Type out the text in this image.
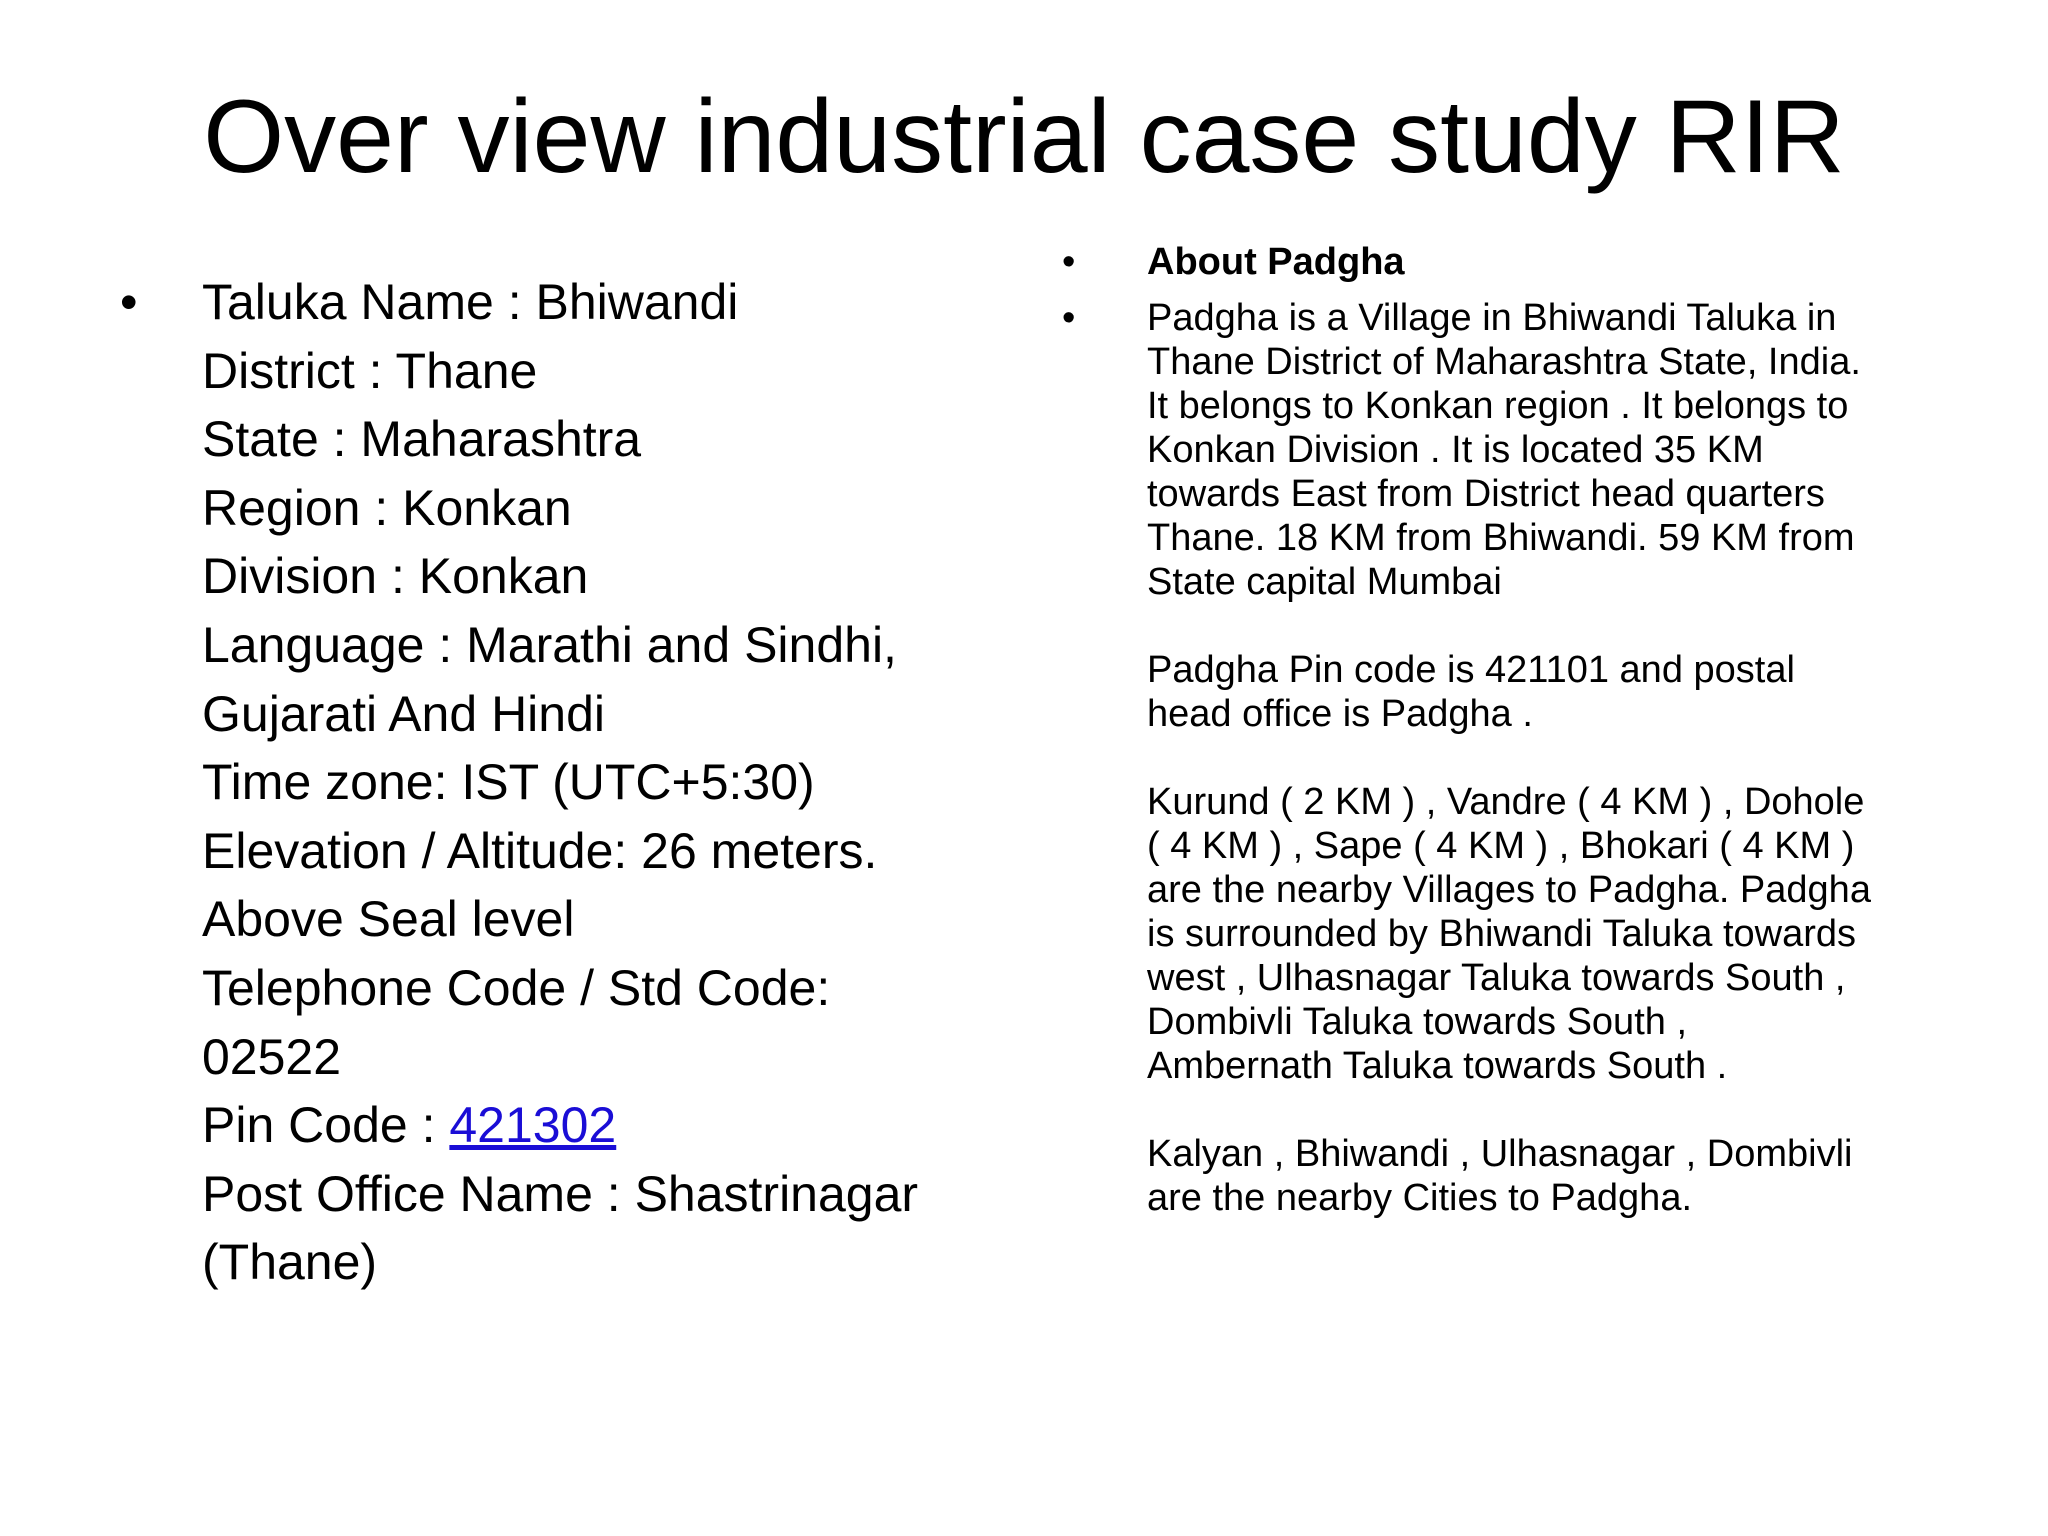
Over view industrial case study RIR
• Taluka Name : Bhiwandi
District : Thane
State : Maharashtra
Region : Konkan
Division : Konkan
Language : Marathi and Sindhi,
Gujarati And Hindi
Time zone: IST (UTC+5:30)
Elevation / Altitude: 26 meters.
Above Seal level
Telephone Code / Std Code:
02522
Pin Code : 421302
Post Office Name : Shastrinagar
(Thane)
• About Padgha
• Padgha is a Village in Bhiwandi Taluka in
Thane District of Maharashtra State, India.
It belongs to Konkan region . It belongs to
Konkan Division . It is located 35 KM
towards East from District head quarters
Thane. 18 KM from Bhiwandi. 59 KM from
State capital Mumbai
Padgha Pin code is 421101 and postal
head office is Padgha .
Kurund ( 2 KM ) , Vandre ( 4 KM ) , Dohole
( 4 KM ) , Sape ( 4 KM ) , Bhokari ( 4 KM )
are the nearby Villages to Padgha. Padgha
is surrounded by Bhiwandi Taluka towards
west , Ulhasnagar Taluka towards South ,
Dombivli Taluka towards South ,
Ambernath Taluka towards South .
Kalyan , Bhiwandi , Ulhasnagar , Dombivli
are the nearby Cities to Padgha.
